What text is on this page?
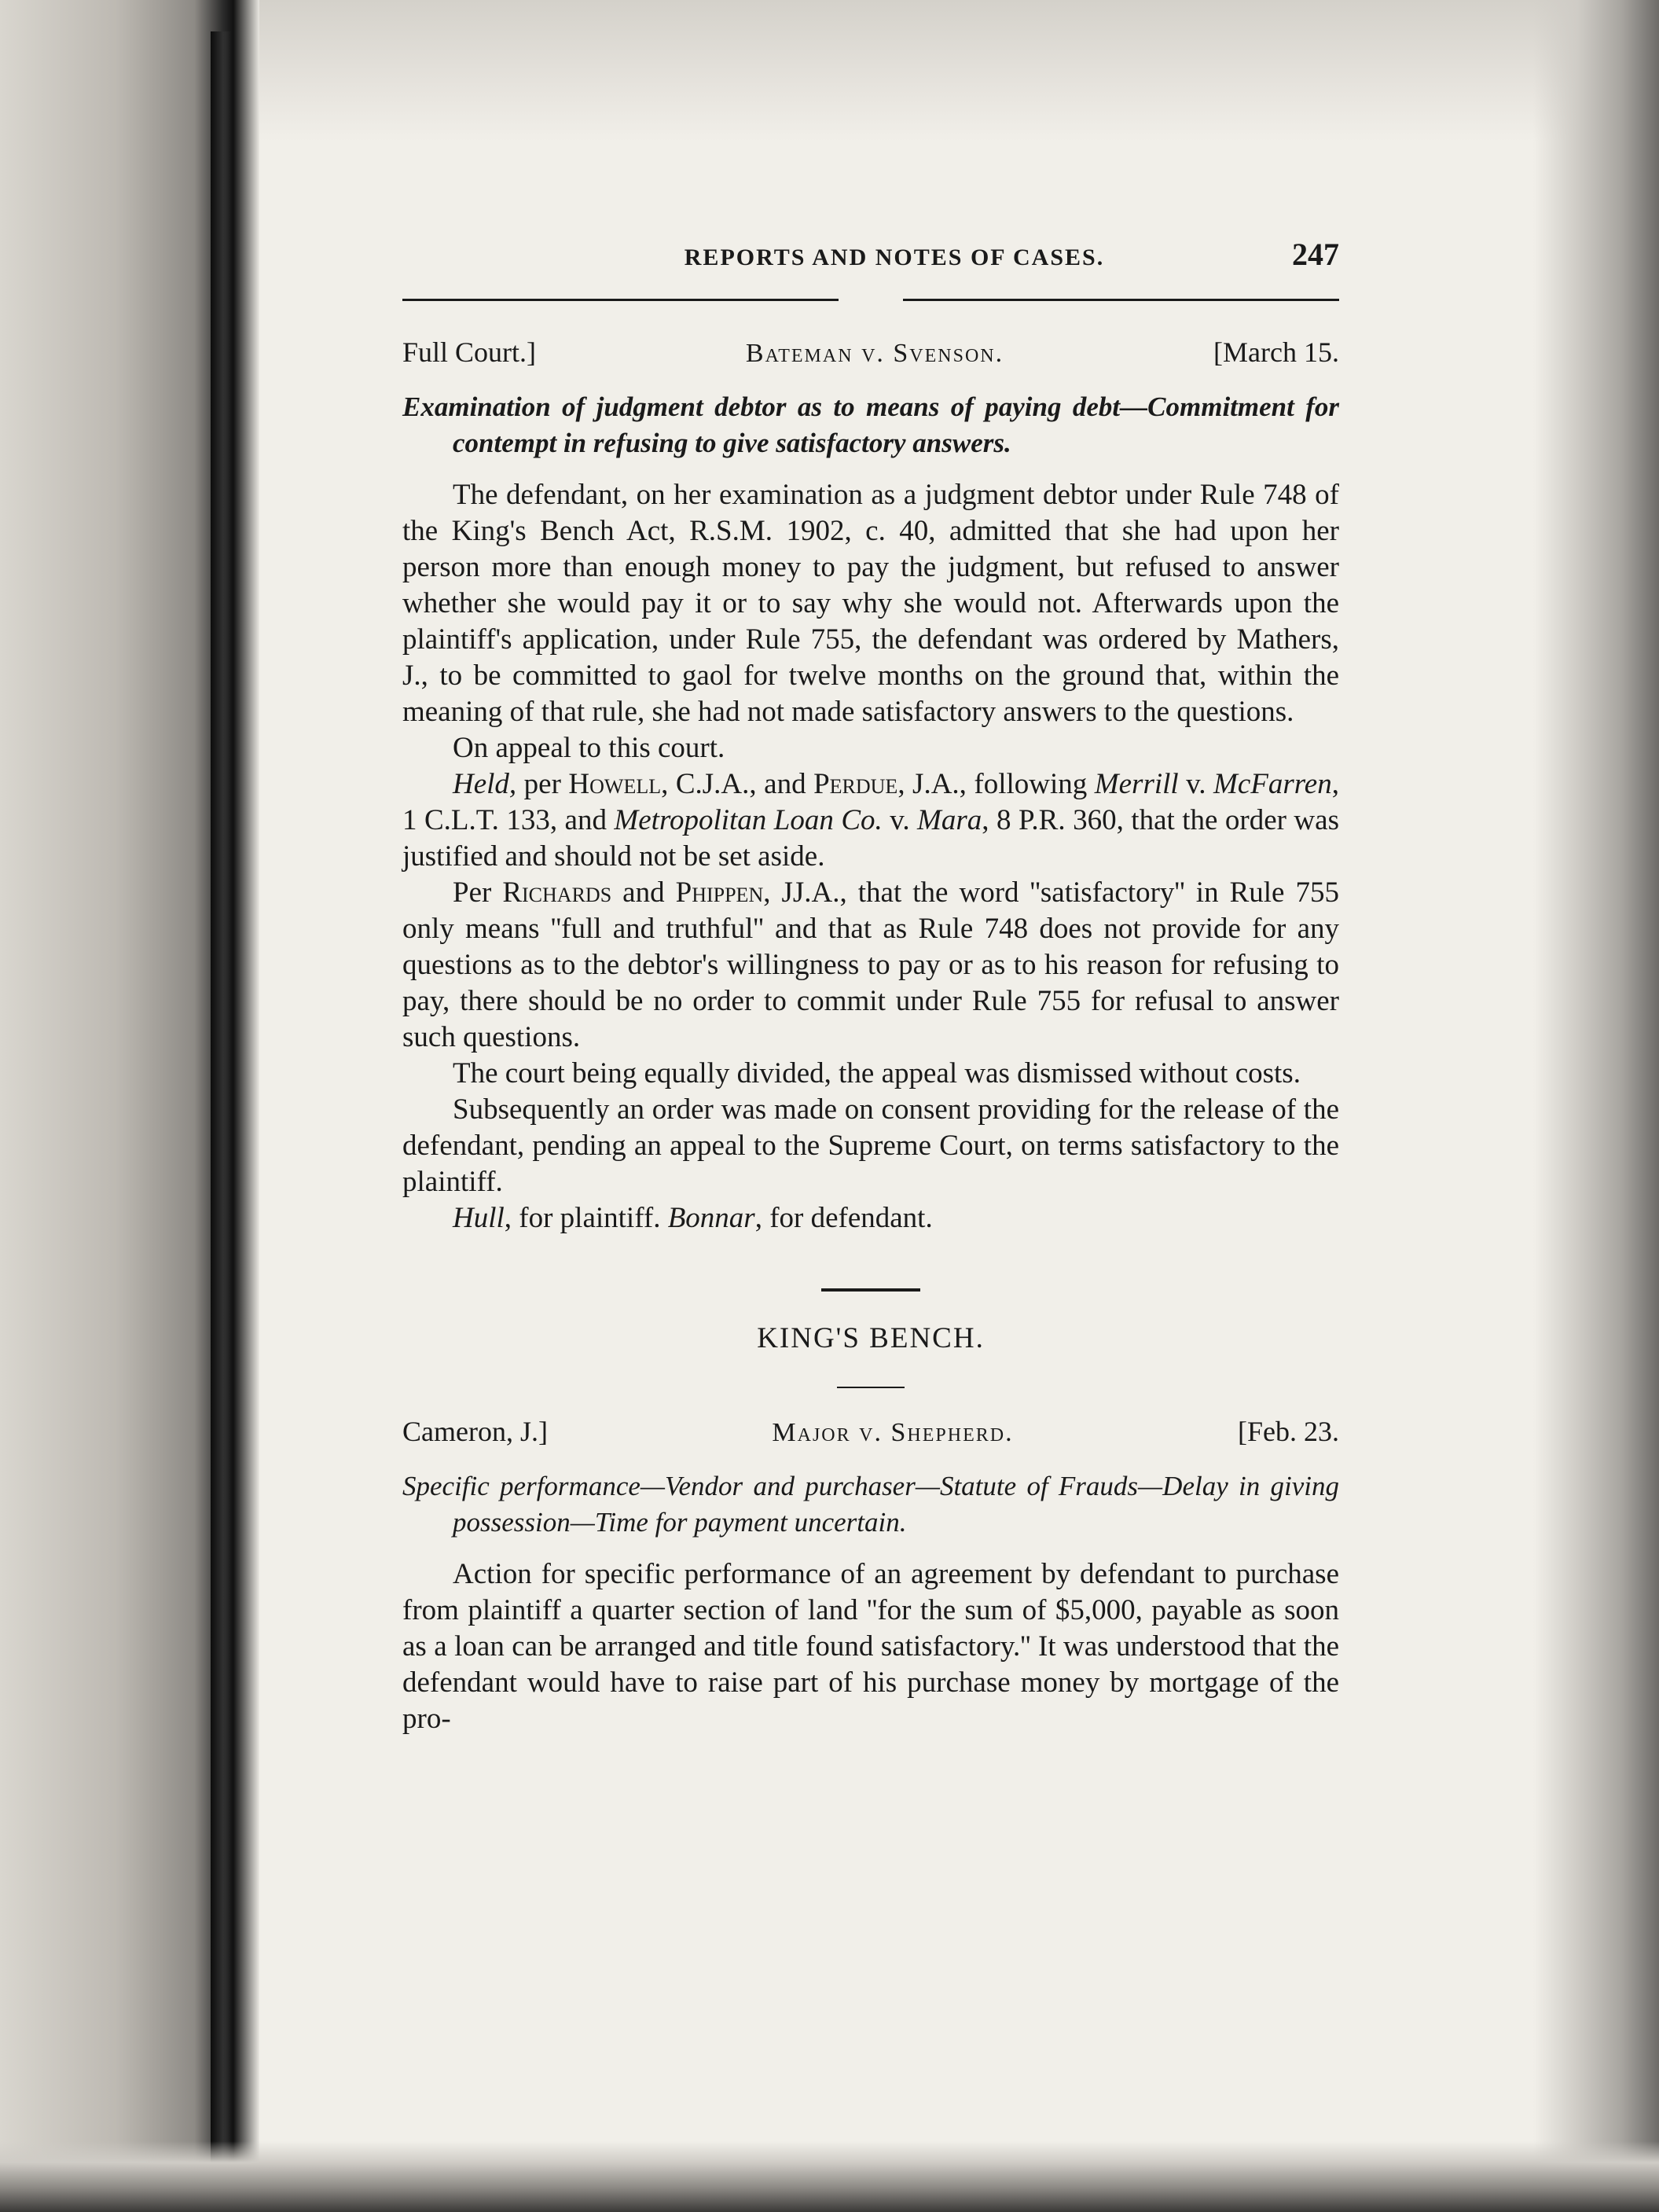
REPORTS AND NOTES OF CASES.	247
Full Court.]	Bateman v. Svenson.	[March 15.
Examination of judgment debtor as to means of paying debt—Commitment for contempt in refusing to give satisfactory answers.

The defendant, on her examination as a judgment debtor under Rule 748 of the King's Bench Act, R.S.M. 1902, c. 40, admitted that she had upon her person more than enough money to pay the judgment, but refused to answer whether she would pay it or to say why she would not. Afterwards upon the plaintiff's application, under Rule 755, the defendant was ordered by Mathers, J., to be committed to gaol for twelve months on the ground that, within the meaning of that rule, she had not made satisfactory answers to the questions.

On appeal to this court.

Held, per Howell, C.J.A., and Perdue, J.A., following Merrill v. McFarren, 1 C.L.T. 133, and Metropolitan Loan Co. v. Mara, 8 P.R. 360, that the order was justified and should not be set aside.

Per Richards and Phippen, JJ.A., that the word ''satisfactory'' in Rule 755 only means ''full and truthful'' and that as Rule 748 does not provide for any questions as to the debtor's willingness to pay or as to his reason for refusing to pay, there should be no order to commit under Rule 755 for refusal to answer such questions.

The court being equally divided, the appeal was dismissed without costs.

Subsequently an order was made on consent providing for the release of the defendant, pending an appeal to the Supreme Court, on terms satisfactory to the plaintiff.

Hull, for plaintiff. Bonnar, for defendant.

KING'S BENCH.
Cameron, J.]	Major v. Shepherd.	[Feb. 23.
Specific performance—Vendor and purchaser—Statute of Frauds—Delay in giving possession—Time for payment uncertain.

Action for specific performance of an agreement by defendant to purchase from plaintiff a quarter section of land ''for the sum of $5,000, payable as soon as a loan can be arranged and title found satisfactory.'' It was understood that the defendant would have to raise part of his purchase money by mortgage of the pro-
